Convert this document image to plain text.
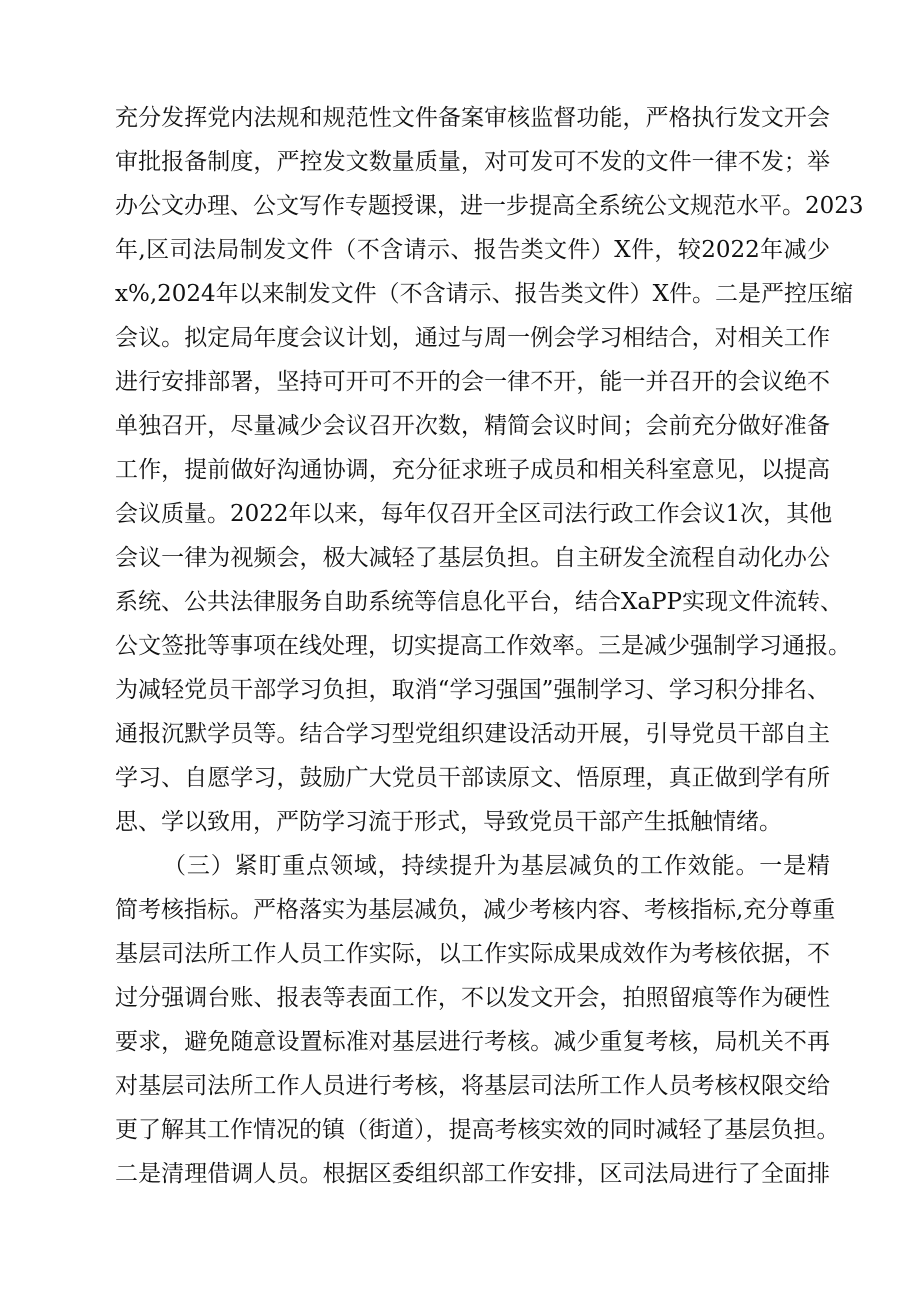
充分发挥党内法规和规范性文件备案审核监督功能，严格执行发文开会
审批报备制度，严控发文数量质量，对可发可不发的文件一律不发；举
办公文办理、公文写作专题授课，进一步提高全系统公文规范水平。2023
年,区司法局制发文件（不含请示、报告类文件）X件，较2022年减少
x%,2024年以来制发文件（不含请示、报告类文件）X件。二是严控压缩
会议。拟定局年度会议计划，通过与周一例会学习相结合，对相关工作
进行安排部署，坚持可开可不开的会一律不开，能一并召开的会议绝不
单独召开，尽量减少会议召开次数，精简会议时间；会前充分做好准备
工作，提前做好沟通协调，充分征求班子成员和相关科室意见，以提高
会议质量。2022年以来，每年仅召开全区司法行政工作会议1次，其他
会议一律为视频会，极大减轻了基层负担。自主研发全流程自动化办公
系统、公共法律服务自助系统等信息化平台，结合XaPP实现文件流转、
公文签批等事项在线处理，切实提高工作效率。三是减少强制学习通报。
为减轻党员干部学习负担，取消“学习强国”强制学习、学习积分排名、
通报沉默学员等。结合学习型党组织建设活动开展，引导党员干部自主
学习、自愿学习，鼓励广大党员干部读原文、悟原理，真正做到学有所
思、学以致用，严防学习流于形式，导致党员干部产生抵触情绪。
（三）紧盯重点领域，持续提升为基层减负的工作效能。一是精
简考核指标。严格落实为基层减负，减少考核内容、考核指标,充分尊重
基层司法所工作人员工作实际，以工作实际成果成效作为考核依据，不
过分强调台账、报表等表面工作，不以发文开会，拍照留痕等作为硬性
要求，避免随意设置标准对基层进行考核。减少重复考核，局机关不再
对基层司法所工作人员进行考核，将基层司法所工作人员考核权限交给
更了解其工作情况的镇（街道），提高考核实效的同时减轻了基层负担。
二是清理借调人员。根据区委组织部工作安排，区司法局进行了全面排
